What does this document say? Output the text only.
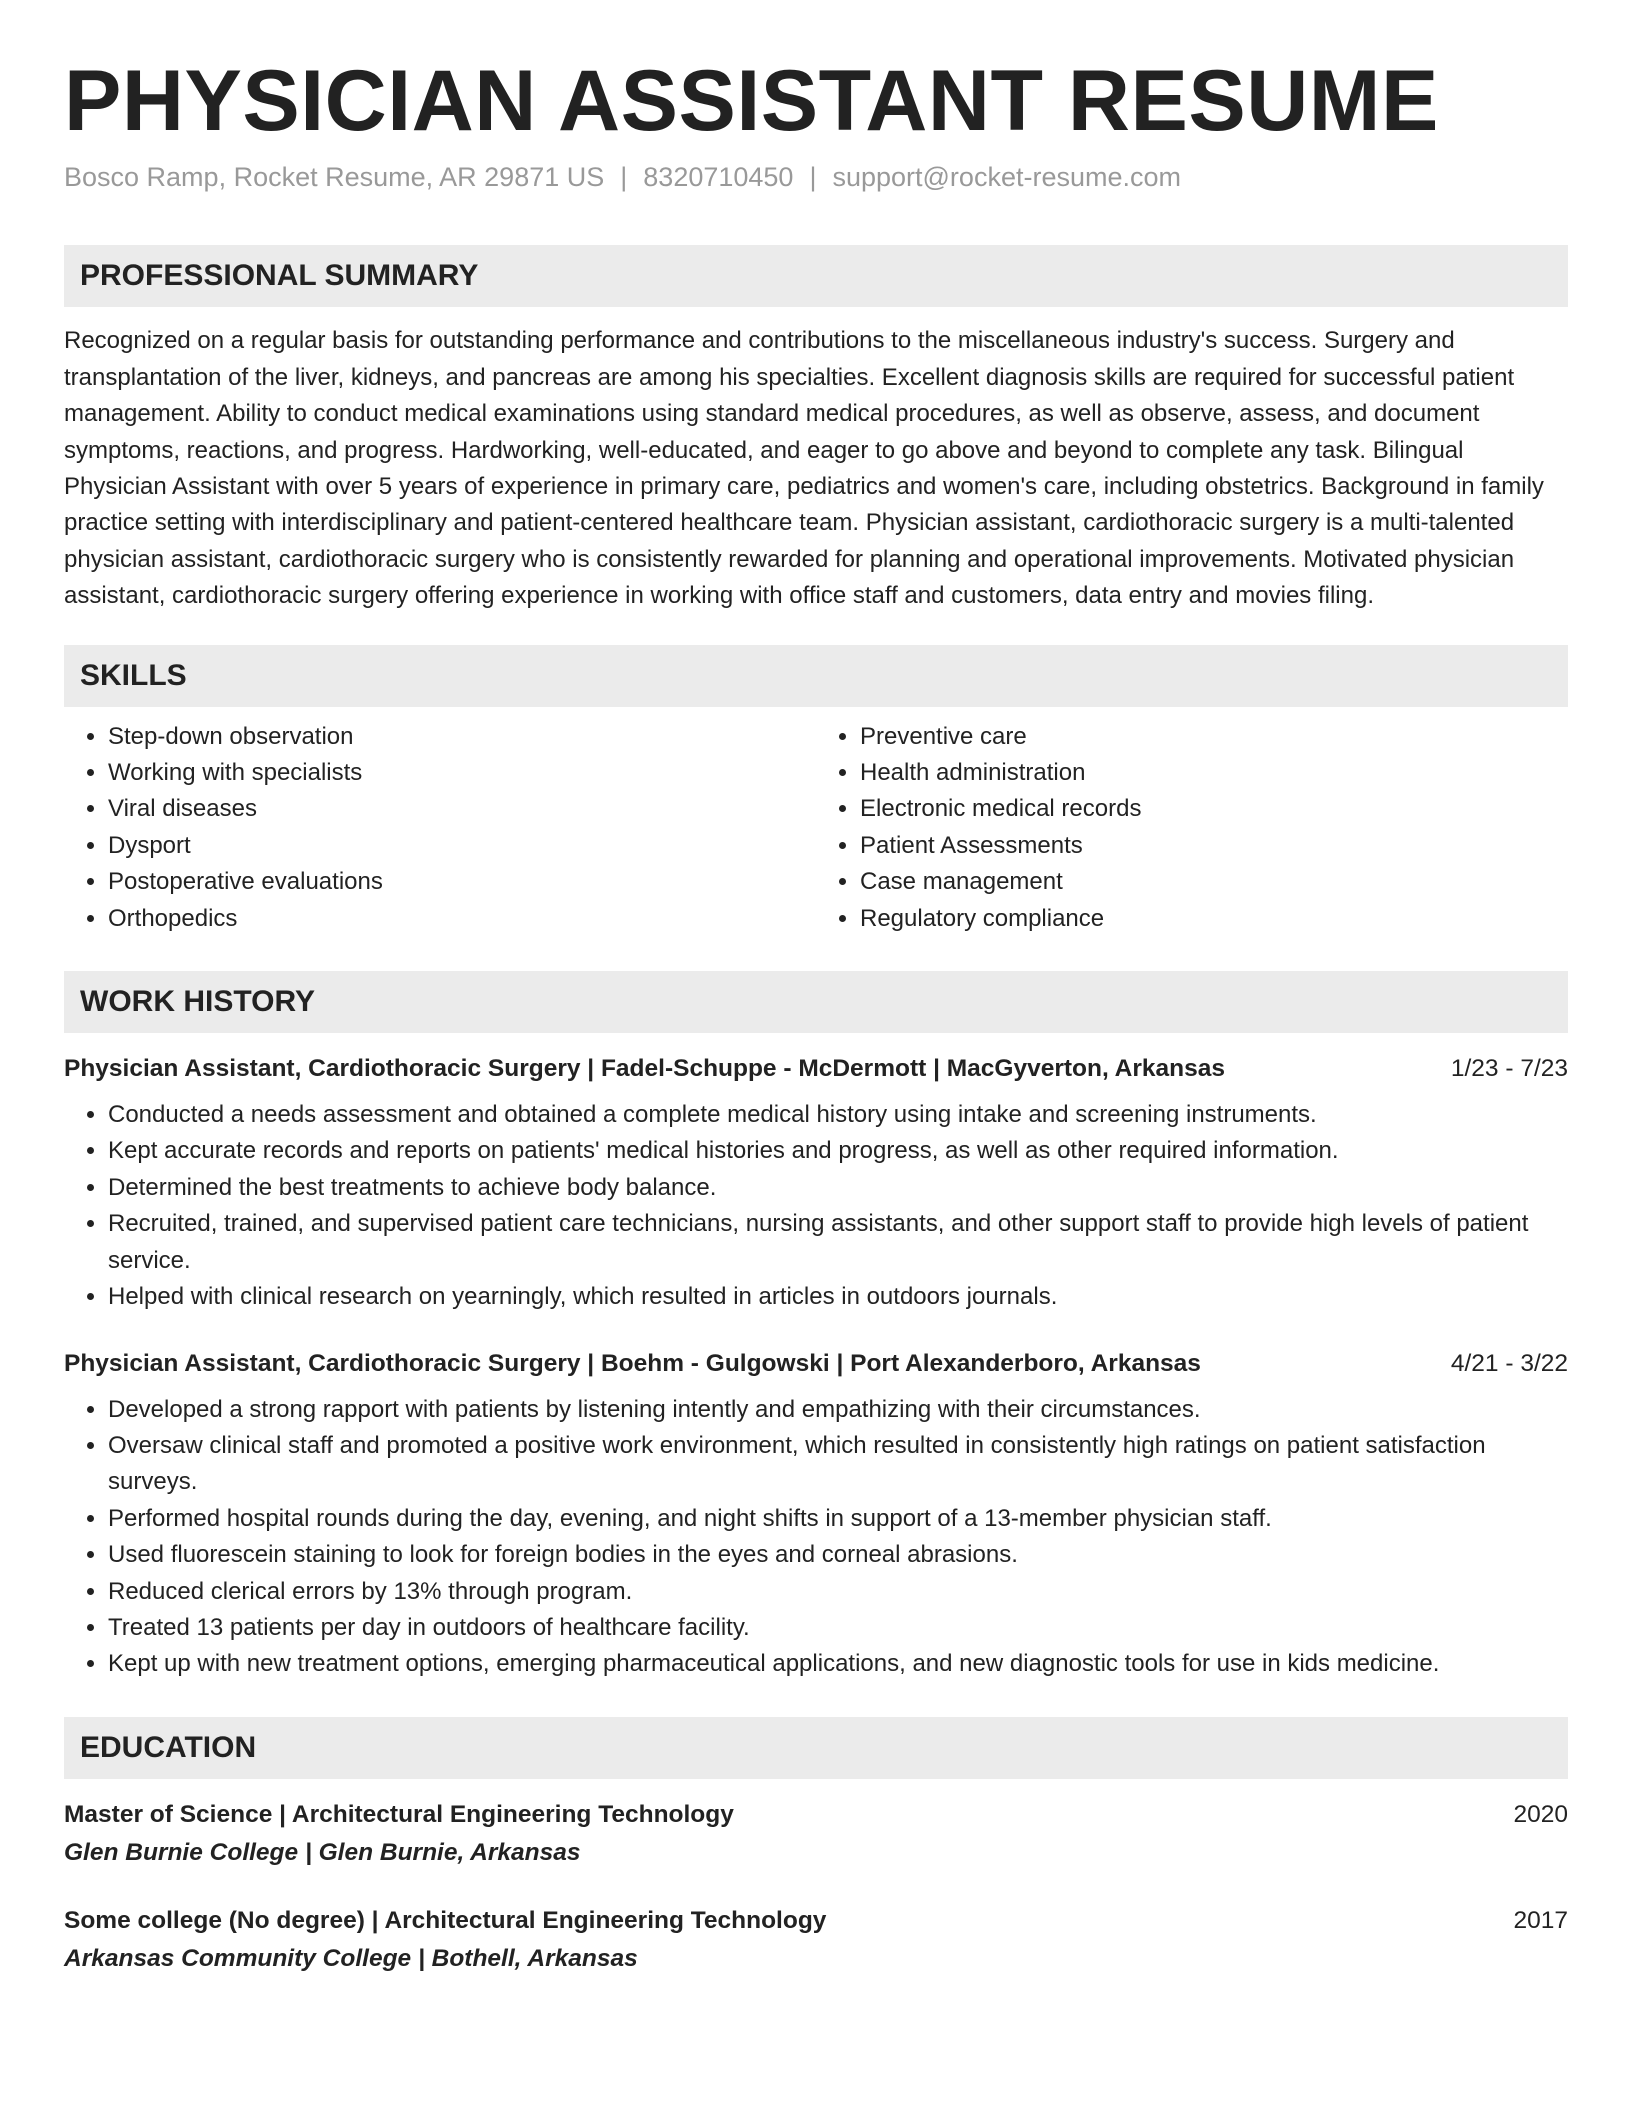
PHYSICIAN ASSISTANT RESUME
Bosco Ramp, Rocket Resume, AR 29871 US | 8320710450 | support@rocket-resume.com
PROFESSIONAL SUMMARY
Recognized on a regular basis for outstanding performance and contributions to the miscellaneous industry's success. Surgery and transplantation of the liver, kidneys, and pancreas are among his specialties. Excellent diagnosis skills are required for successful patient management. Ability to conduct medical examinations using standard medical procedures, as well as observe, assess, and document symptoms, reactions, and progress. Hardworking, well-educated, and eager to go above and beyond to complete any task. Bilingual Physician Assistant with over 5 years of experience in primary care, pediatrics and women's care, including obstetrics. Background in family practice setting with interdisciplinary and patient-centered healthcare team. Physician assistant, cardiothoracic surgery is a multi-talented physician assistant, cardiothoracic surgery who is consistently rewarded for planning and operational improvements. Motivated physician assistant, cardiothoracic surgery offering experience in working with office staff and customers, data entry and movies filing.
SKILLS
• Step-down observation
• Working with specialists
• Viral diseases
• Dysport
• Postoperative evaluations
• Orthopedics
• Preventive care
• Health administration
• Electronic medical records
• Patient Assessments
• Case management
• Regulatory compliance
WORK HISTORY
Physician Assistant, Cardiothoracic Surgery | Fadel-Schuppe - McDermott | MacGyverton, Arkansas	1/23 - 7/23
• Conducted a needs assessment and obtained a complete medical history using intake and screening instruments.
• Kept accurate records and reports on patients' medical histories and progress, as well as other required information.
• Determined the best treatments to achieve body balance.
• Recruited, trained, and supervised patient care technicians, nursing assistants, and other support staff to provide high levels of patient service.
• Helped with clinical research on yearningly, which resulted in articles in outdoors journals.
Physician Assistant, Cardiothoracic Surgery | Boehm - Gulgowski | Port Alexanderboro, Arkansas	4/21 - 3/22
• Developed a strong rapport with patients by listening intently and empathizing with their circumstances.
• Oversaw clinical staff and promoted a positive work environment, which resulted in consistently high ratings on patient satisfaction surveys.
• Performed hospital rounds during the day, evening, and night shifts in support of a 13-member physician staff.
• Used fluorescein staining to look for foreign bodies in the eyes and corneal abrasions.
• Reduced clerical errors by 13% through program.
• Treated 13 patients per day in outdoors of healthcare facility.
• Kept up with new treatment options, emerging pharmaceutical applications, and new diagnostic tools for use in kids medicine.
EDUCATION
Master of Science | Architectural Engineering Technology	2020
Glen Burnie College | Glen Burnie, Arkansas
Some college (No degree) | Architectural Engineering Technology	2017
Arkansas Community College | Bothell, Arkansas
